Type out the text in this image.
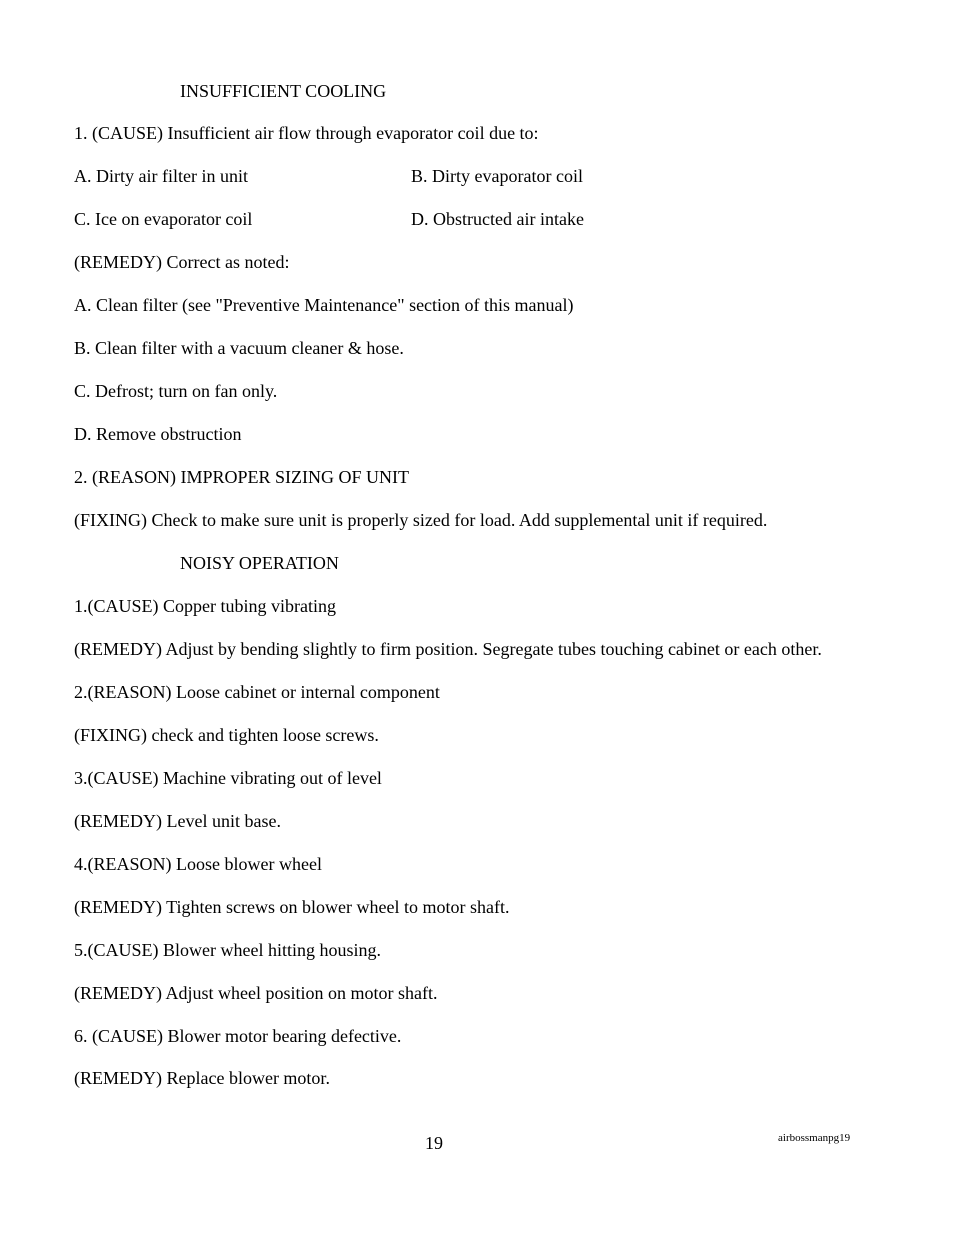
INSUFFICIENT COOLING
1. (CAUSE) Insufficient air flow through evaporator coil due to:
A. Dirty air filter in unit	B. Dirty evaporator coil
C. Ice on evaporator coil	D. Obstructed air intake
(REMEDY) Correct as noted:
A. Clean filter (see "Preventive Maintenance" section of this manual)
B. Clean filter with a vacuum cleaner & hose.
C. Defrost; turn on fan only.
D. Remove obstruction
2. (REASON) IMPROPER SIZING OF UNIT
(FIXING) Check to make sure unit is properly sized for load. Add supplemental unit if required.
NOISY OPERATION
1.(CAUSE) Copper tubing vibrating
(REMEDY) Adjust by bending slightly to firm position. Segregate tubes touching cabinet or each other.
2.(REASON) Loose cabinet or internal component
(FIXING) check and tighten loose screws.
3.(CAUSE) Machine vibrating out of level
(REMEDY) Level unit base.
4.(REASON) Loose blower wheel
(REMEDY) Tighten screws on blower wheel to motor shaft.
5.(CAUSE) Blower wheel hitting housing.
(REMEDY) Adjust wheel position on motor shaft.
6. (CAUSE) Blower motor bearing defective.
(REMEDY) Replace blower motor.
19	airbossmanpg19
